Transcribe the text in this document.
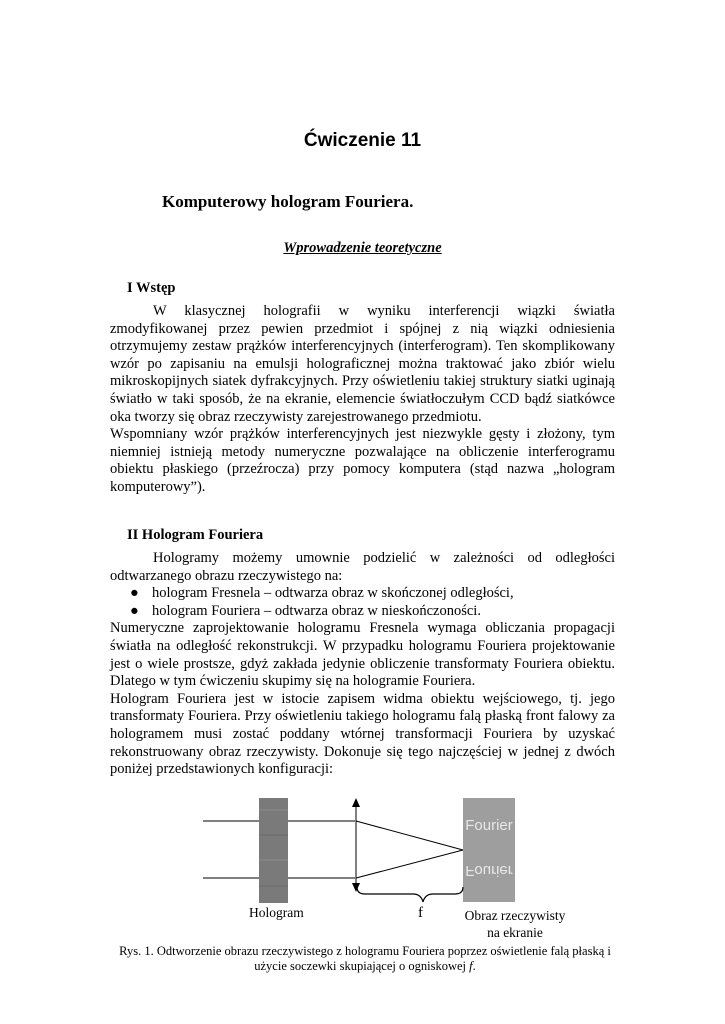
Ćwiczenie 11
Komputerowy hologram Fouriera.
Wprowadzenie teoretyczne
I Wstęp

W klasycznej holografii w wyniku interferencji wiązki światła zmodyfikowanej przez pewien przedmiot i spójnej z nią wiązki odniesienia otrzymujemy zestaw prążków interferencyjnych (interferogram). Ten skomplikowany wzór po zapisaniu na emulsji holograficznej można traktować jako zbiór wielu mikroskopijnych siatek dyfrakcyjnych. Przy oświetleniu takiej struktury siatki uginają światło w taki sposób, że na ekranie, elemencie światłoczułym CCD bądź siatkówce oka tworzy się obraz rzeczywisty zarejestrowanego przedmiotu.

Wspomniany wzór prążków interferencyjnych jest niezwykle gęsty i złożony, tym niemniej istnieją metody numeryczne pozwalające na obliczenie interferogramu obiektu płaskiego (przeźrocza) przy pomocy komputera (stąd nazwa „hologram komputerowy”).

II Hologram Fouriera

Hologramy możemy umownie podzielić w zależności od odległości odtwarzanego obrazu rzeczywistego na:

● hologram Fresnela – odtwarza obraz w skończonej odległości,
● hologram Fouriera – odtwarza obraz w nieskończoności.

Numeryczne zaprojektowanie hologramu Fresnela wymaga obliczania propagacji światła na odległość rekonstrukcji. W przypadku hologramu Fouriera projektowanie jest o wiele prostsze, gdyż zakłada jedynie obliczenie transformaty Fouriera obiektu. Dlatego w tym ćwiczeniu skupimy się na hologramie Fouriera.

Hologram Fouriera jest w istocie zapisem widma obiektu wejściowego, tj. jego transformaty Fouriera. Przy oświetleniu takiego hologramu falą płaską front falowy za hologramem musi zostać poddany wtórnej transformacji Fouriera by uzyskać rekonstruowany obraz rzeczywisty. Dokonuje się tego najczęściej w jednej z dwóch poniżej przedstawionych konfiguracji:

Fourier
Fourier
Hologram	f	Obraz rzeczywisty
na ekranie
Rys. 1. Odtworzenie obrazu rzeczywistego z hologramu Fouriera poprzez oświetlenie falą płaską i
użycie soczewki skupiającej o ogniskowej f.
